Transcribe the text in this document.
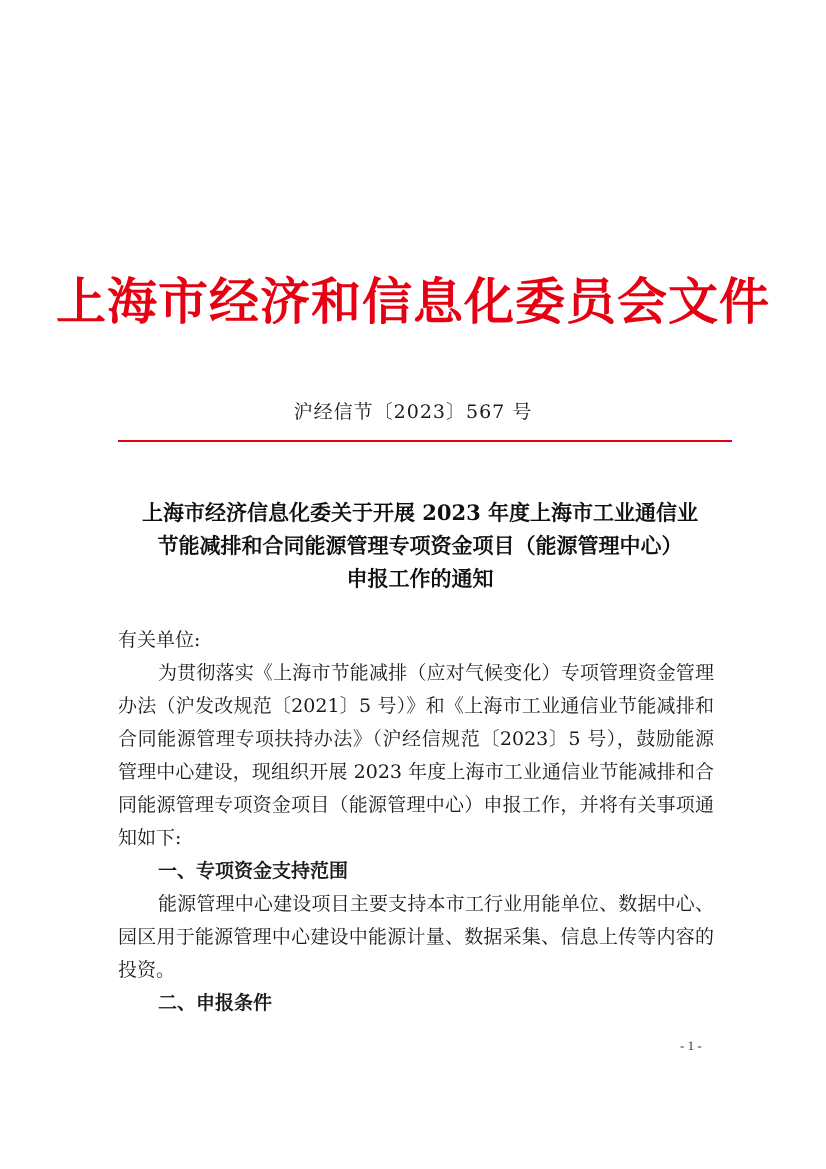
上海市经济和信息化委员会文件
沪经信节〔2023〕567 号
上海市经济信息化委关于开展 2023 年度上海市工业通信业
节能减排和合同能源管理专项资金项目（能源管理中心）
申报工作的通知

有关单位:

为贯彻落实《上海市节能减排（应对气候变化）专项管理资金管理办法（沪发改规范〔2021〕5 号）》和《上海市工业通信业节能减排和合同能源管理专项扶持办法》（沪经信规范〔2023〕5 号），鼓励能源管理中心建设，现组织开展 2023 年度上海市工业通信业节能减排和合同能源管理专项资金项目（能源管理中心）申报工作，并将有关事项通知如下:

一、专项资金支持范围

能源管理中心建设项目主要支持本市工行业用能单位、数据中心、园区用于能源管理中心建设中能源计量、数据采集、信息上传等内容的投资。

二、申报条件

- 1 -
